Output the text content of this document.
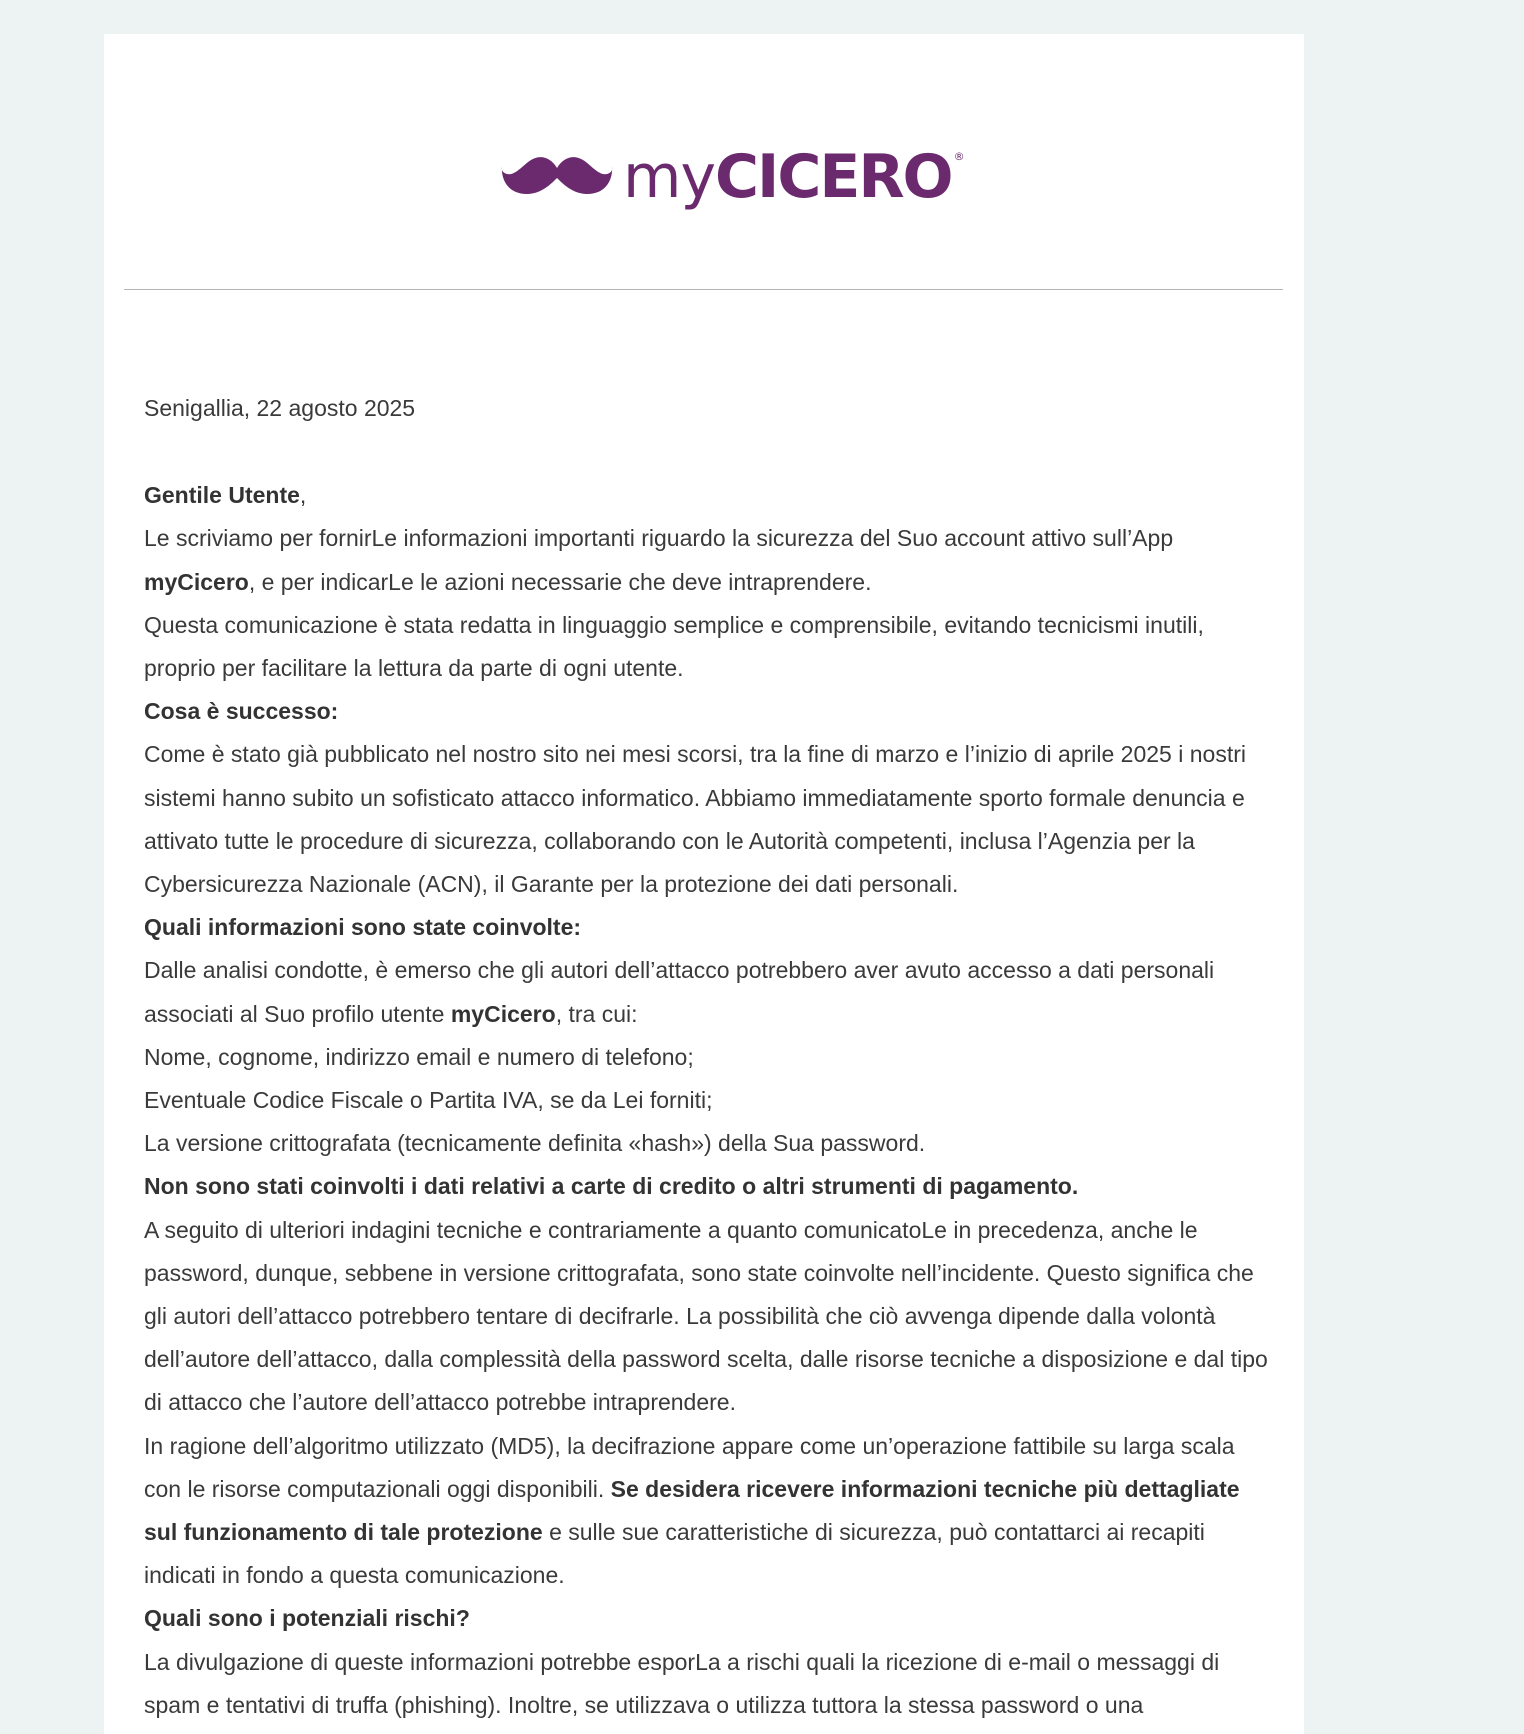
my CICERO ®

Senigallia, 22 agosto 2025

Gentile Utente,

Le scriviamo per fornirLe informazioni importanti riguardo la sicurezza del Suo account attivo sull’App myCicero, e per indicarLe le azioni necessarie che deve intraprendere.

Questa comunicazione è stata redatta in linguaggio semplice e comprensibile, evitando tecnicismi inutili, proprio per facilitare la lettura da parte di ogni utente.

Cosa è successo:

Come è stato già pubblicato nel nostro sito nei mesi scorsi, tra la fine di marzo e l’inizio di aprile 2025 i nostri sistemi hanno subito un sofisticato attacco informatico. Abbiamo immediatamente sporto formale denuncia e attivato tutte le procedure di sicurezza, collaborando con le Autorità competenti, inclusa l’Agenzia per la Cybersicurezza Nazionale (ACN), il Garante per la protezione dei dati personali.

Quali informazioni sono state coinvolte:

Dalle analisi condotte, è emerso che gli autori dell’attacco potrebbero aver avuto accesso a dati personali associati al Suo profilo utente myCicero, tra cui:

Nome, cognome, indirizzo email e numero di telefono;

Eventuale Codice Fiscale o Partita IVA, se da Lei forniti;

La versione crittografata (tecnicamente definita «hash») della Sua password.

Non sono stati coinvolti i dati relativi a carte di credito o altri strumenti di pagamento.

A seguito di ulteriori indagini tecniche e contrariamente a quanto comunicatoLe in precedenza, anche le password, dunque, sebbene in versione crittografata, sono state coinvolte nell’incidente. Questo significa che gli autori dell’attacco potrebbero tentare di decifrarle. La possibilità che ciò avvenga dipende dalla volontà dell’autore dell’attacco, dalla complessità della password scelta, dalle risorse tecniche a disposizione e dal tipo di attacco che l’autore dell’attacco potrebbe intraprendere.

In ragione dell’algoritmo utilizzato (MD5), la decifrazione appare come un’operazione fattibile su larga scala con le risorse computazionali oggi disponibili. Se desidera ricevere informazioni tecniche più dettagliate sul funzionamento di tale protezione e sulle sue caratteristiche di sicurezza, può contattarci ai recapiti indicati in fondo a questa comunicazione.

Quali sono i potenziali rischi?

La divulgazione di queste informazioni potrebbe esporLa a rischi quali la ricezione di e-mail o messaggi di spam e tentativi di truffa (phishing). Inoltre, se utilizzava o utilizza tuttora la stessa password o una
